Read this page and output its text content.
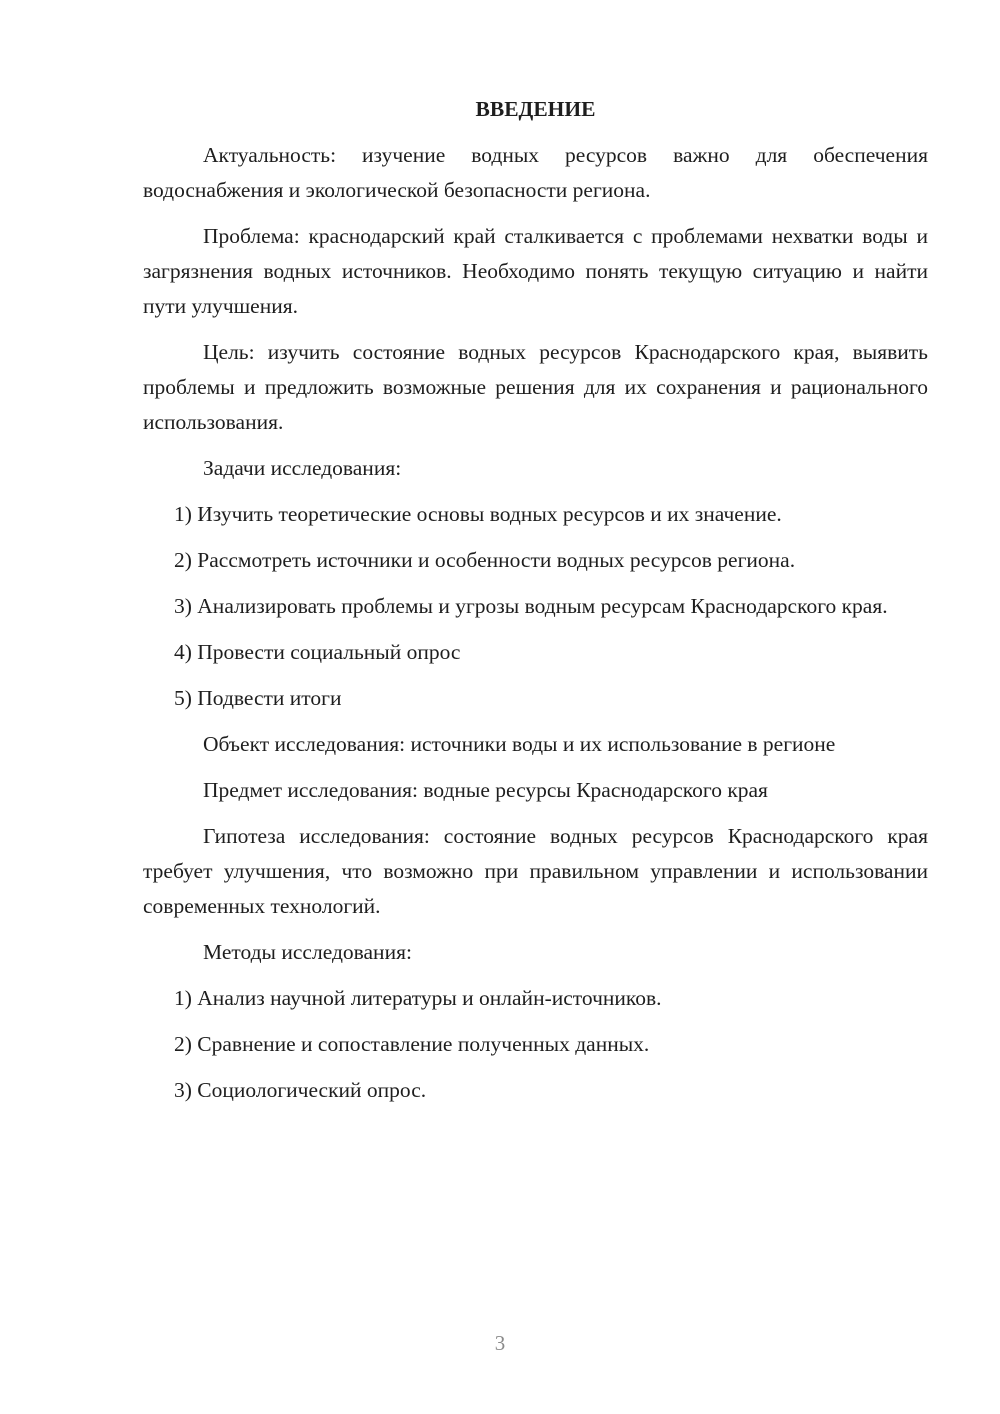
ВВЕДЕНИЕ

Актуальность: изучение водных ресурсов важно для обеспечения водоснабжения и экологической безопасности региона.

Проблема: краснодарский край сталкивается с проблемами нехватки воды и загрязнения водных источников. Необходимо понять текущую ситуацию и найти пути улучшения.

Цель: изучить состояние водных ресурсов Краснодарского края, выявить проблемы и предложить возможные решения для их сохранения и рационального использования.

Задачи исследования:

1) Изучить теоретические основы водных ресурсов и их значение.

2) Рассмотреть источники и особенности водных ресурсов региона.

3) Анализировать проблемы и угрозы водным ресурсам Краснодарского края.

4) Провести социальный опрос

5) Подвести итоги

Объект исследования: источники воды и их использование в регионе

Предмет исследования: водные ресурсы Краснодарского края

Гипотеза исследования: состояние водных ресурсов Краснодарского края требует улучшения, что возможно при правильном управлении и использовании современных технологий.

Методы исследования:

1) Анализ научной литературы и онлайн-источников.

2) Сравнение и сопоставление полученных данных.

3) Социологический опрос.

3
